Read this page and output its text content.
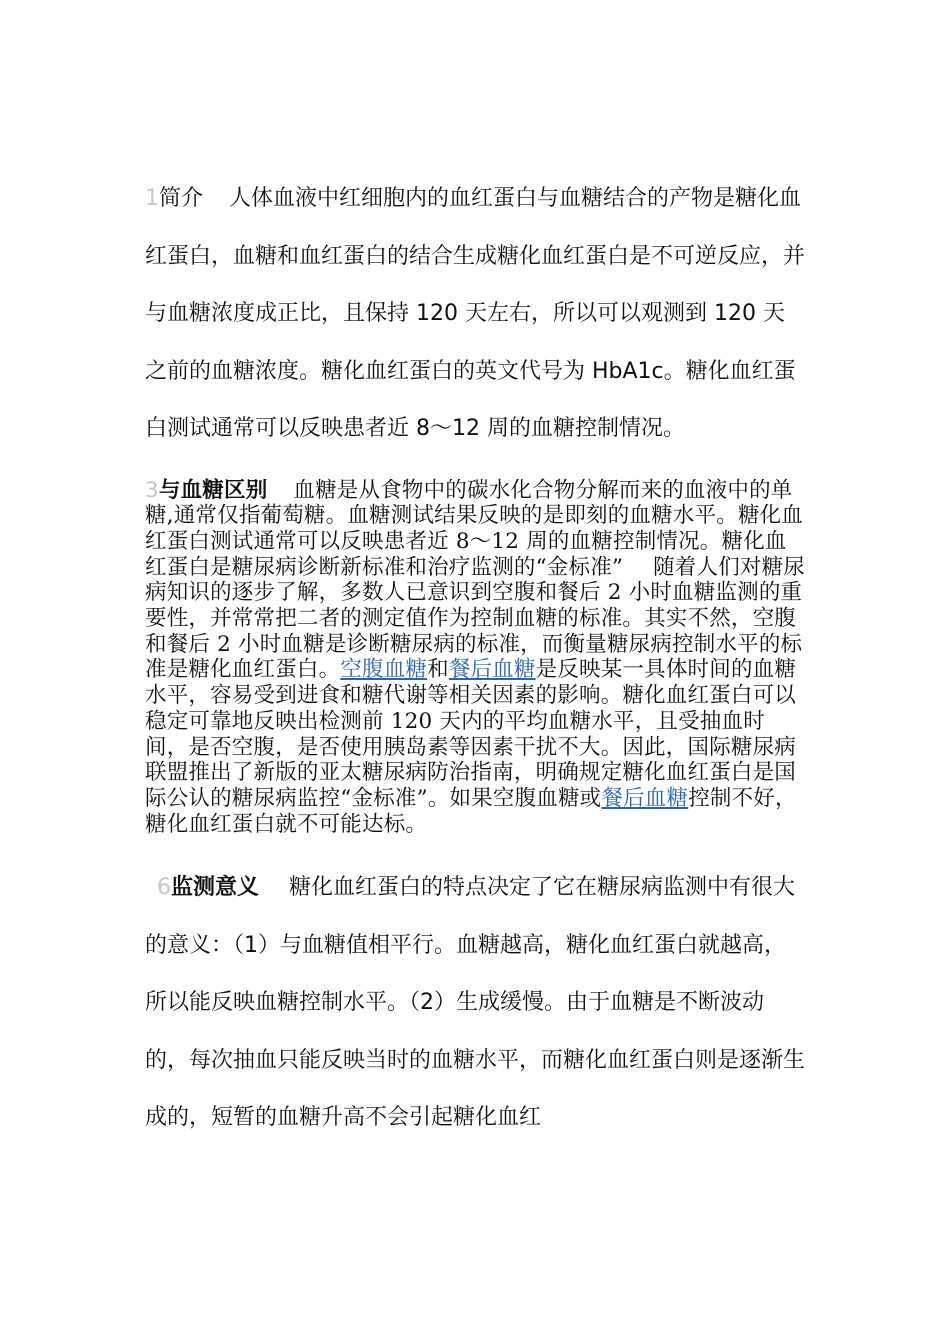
1简介 人体血液中红细胞内的血红蛋白与血糖结合的产物是糖化血红蛋白，血糖和血红蛋白的结合生成糖化血红蛋白是不可逆反应，并与血糖浓度成正比，且保持 120 天左右，所以可以观测到 120 天之前的血糖浓度。糖化血红蛋白的英文代号为 HbA1c。糖化血红蛋白测试通常可以反映患者近 8～12 周的血糖控制情况。

3与血糖区别 血糖是从食物中的碳水化合物分解而来的血液中的单糖,通常仅指葡萄糖。血糖测试结果反映的是即刻的血糖水平。糖化血红蛋白测试通常可以反映患者近 8～12 周的血糖控制情况。糖化血红蛋白是糖尿病诊断新标准和治疗监测的“金标准” 随着人们对糖尿病知识的逐步了解，多数人已意识到空腹和餐后 2 小时血糖监测的重要性，并常常把二者的测定值作为控制血糖的标准。其实不然，空腹和餐后 2 小时血糖是诊断糖尿病的标准，而衡量糖尿病控制水平的标准是糖化血红蛋白。空腹血糖和餐后血糖是反映某一具体时间的血糖水平，容易受到进食和糖代谢等相关因素的影响。糖化血红蛋白可以稳定可靠地反映出检测前 120 天内的平均血糖水平，且受抽血时间，是否空腹，是否使用胰岛素等因素干扰不大。因此，国际糖尿病联盟推出了新版的亚太糖尿病防治指南，明确规定糖化血红蛋白是国际公认的糖尿病监控“金标准”。如果空腹血糖或餐后血糖控制不好，糖化血红蛋白就不可能达标。

6监测意义 糖化血红蛋白的特点决定了它在糖尿病监测中有很大的意义：（1）与血糖值相平行。血糖越高，糖化血红蛋白就越高，所以能反映血糖控制水平。（2）生成缓慢。由于血糖是不断波动的，每次抽血只能反映当时的血糖水平，而糖化血红蛋白则是逐渐生成的，短暂的血糖升高不会引起糖化血红
